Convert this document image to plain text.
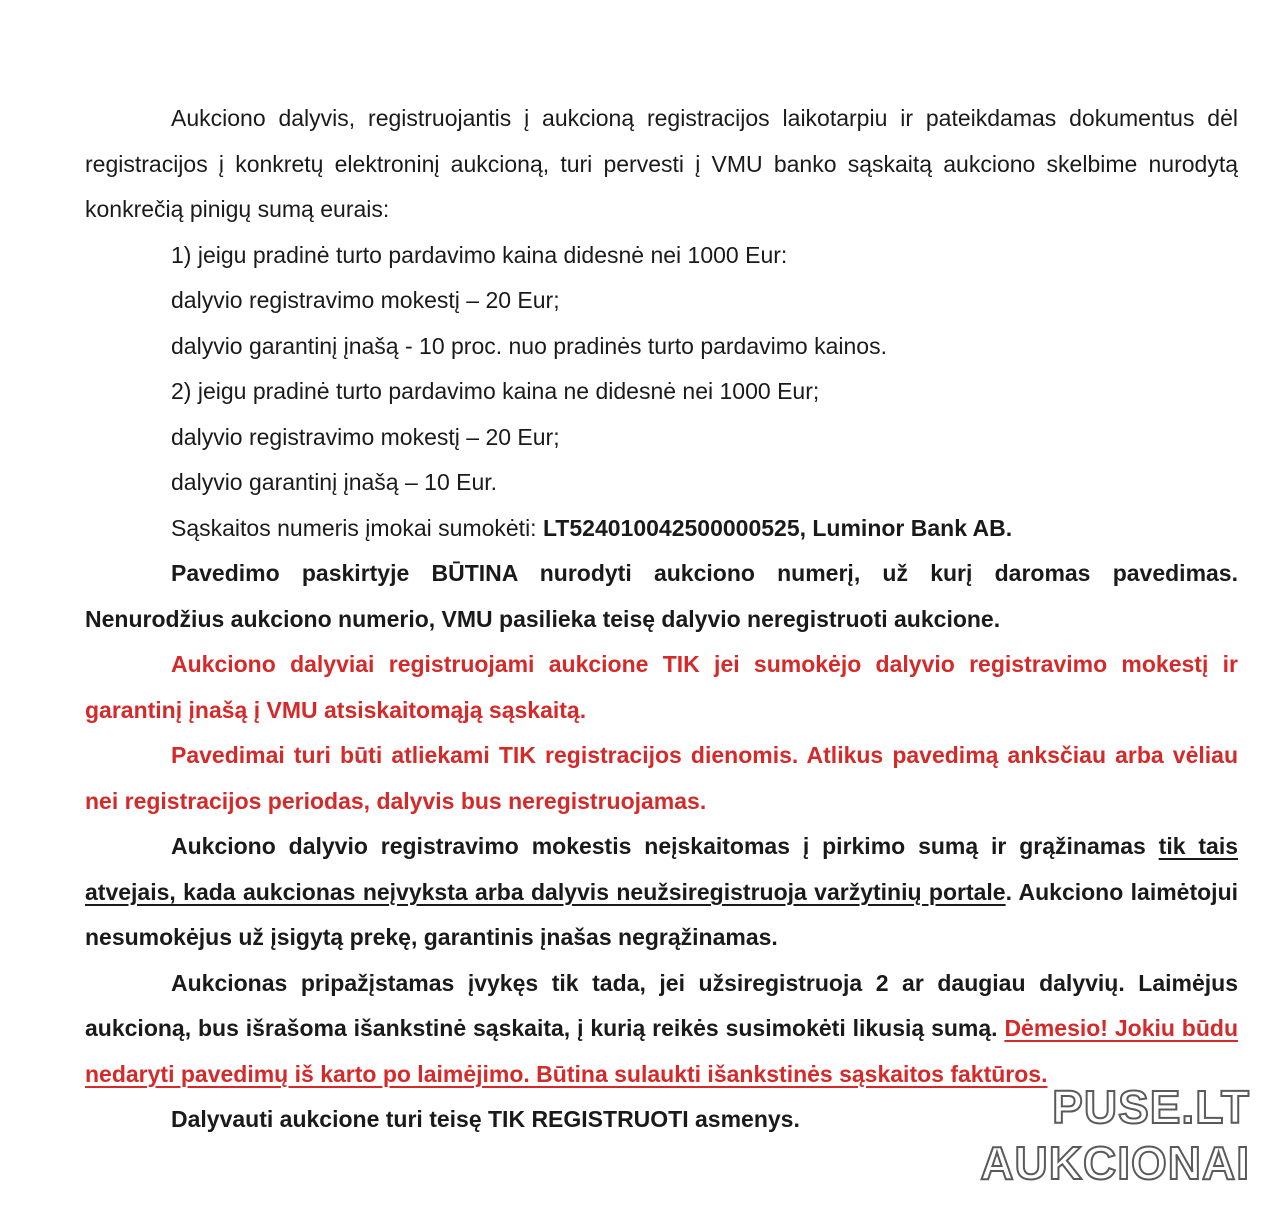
Aukciono dalyvis, registruojantis į aukcioną registracijos laikotarpiu ir pateikdamas dokumentus dėl registracijos į konkretų elektroninį aukcioną, turi pervesti į VMU banko sąskaitą aukciono skelbime nurodytą konkrečią pinigų sumą eurais:

1) jeigu pradinė turto pardavimo kaina didesnė nei 1000 Eur:

dalyvio registravimo mokestį – 20 Eur;

dalyvio garantinį įnašą - 10 proc. nuo pradinės turto pardavimo kainos.

2) jeigu pradinė turto pardavimo kaina ne didesnė nei 1000 Eur;

dalyvio registravimo mokestį – 20 Eur;

dalyvio garantinį įnašą – 10 Eur.

Sąskaitos numeris įmokai sumokėti: LT524010042500000525, Luminor Bank AB.

Pavedimo paskirtyje BŪTINA nurodyti aukciono numerį, už kurį daromas pavedimas. Nenurodžius aukciono numerio, VMU pasilieka teisę dalyvio neregistruoti aukcione.

Aukciono dalyviai registruojami aukcione TIK jei sumokėjo dalyvio registravimo mokestį ir garantinį įnašą į VMU atsiskaitomąją sąskaitą.

Pavedimai turi būti atliekami TIK registracijos dienomis. Atlikus pavedimą anksčiau arba vėliau nei registracijos periodas, dalyvis bus neregistruojamas.

Aukciono dalyvio registravimo mokestis neįskaitomas į pirkimo sumą ir grąžinamas tik tais atvejais, kada aukcionas neįvyksta arba dalyvis neužsiregistruoja varžytinių portale. Aukciono laimėtojui nesumokėjus už įsigytą prekę, garantinis įnašas negrąžinamas.

Aukcionas pripažįstamas įvykęs tik tada, jei užsiregistruoja 2 ar daugiau dalyvių. Laimėjus aukcioną, bus išrašoma išankstinė sąskaita, į kurią reikės susimokėti likusią sumą. Dėmesio! Jokiu būdu nedaryti pavedimų iš karto po laimėjimo. Būtina sulaukti išankstinės sąskaitos faktūros.

Dalyvauti aukcione turi teisę TIK REGISTRUOTI asmenys.	PUSE.LT
AUKCIONAI
